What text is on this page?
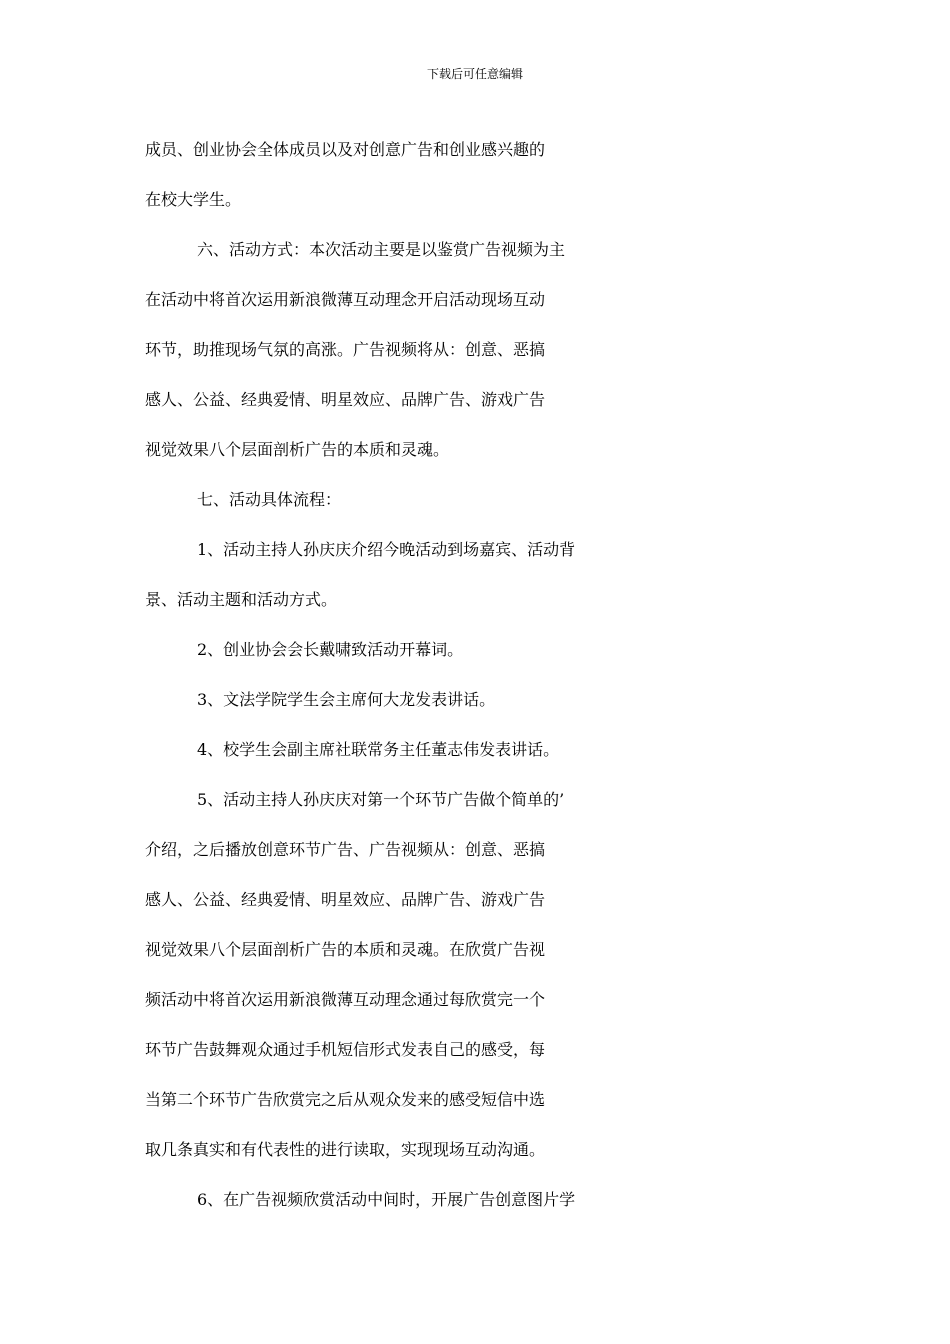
下载后可任意编辑
成员、创业协会全体成员以及对创意广告和创业感兴趣的
在校大学生。
六、活动方式：本次活动主要是以鉴赏广告视频为主
在活动中将首次运用新浪微薄互动理念开启活动现场互动
环节，助推现场气氛的高涨。广告视频将从：创意、恶搞
感人、公益、经典爱情、明星效应、品牌广告、游戏广告
视觉效果八个层面剖析广告的本质和灵魂。
七、活动具体流程：
1、活动主持人孙庆庆介绍今晚活动到场嘉宾、活动背
景、活动主题和活动方式。
2、创业协会会长戴啸致活动开幕词。
3、文法学院学生会主席何大龙发表讲话。
4、校学生会副主席社联常务主任董志伟发表讲话。
5、活动主持人孙庆庆对第一个环节广告做个简单的’
介绍，之后播放创意环节广告、广告视频从：创意、恶搞
感人、公益、经典爱情、明星效应、品牌广告、游戏广告
视觉效果八个层面剖析广告的本质和灵魂。在欣赏广告视
频活动中将首次运用新浪微薄互动理念通过每欣赏完一个
环节广告鼓舞观众通过手机短信形式发表自己的感受，每
当第二个环节广告欣赏完之后从观众发来的感受短信中选
取几条真实和有代表性的进行读取，实现现场互动沟通。
6、在广告视频欣赏活动中间时，开展广告创意图片学
